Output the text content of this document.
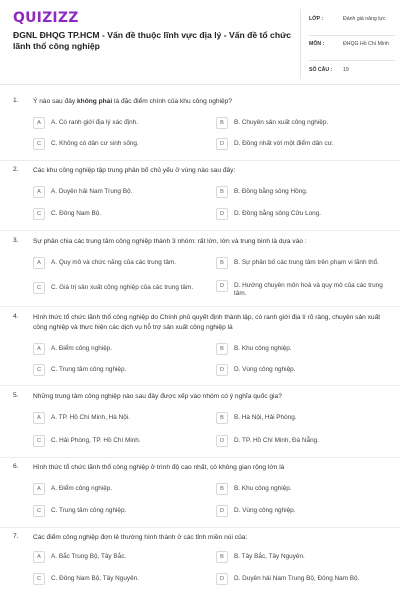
QUIZIZZ
ĐGNL ĐHQG TP.HCM - Vấn đề thuộc lĩnh vực địa lý - Vấn đề tổ chức lãnh thổ công nghiệp
LỚP :	Đánh giá năng lực
MÔN :	ĐHQG Hồ Chí Minh
SỐ CÂU : 19
1. Ý nào sau đây không phải là đặc điểm chính của khu công nghiệp?
A	A. Có ranh giới địa lý xác định.	B	B. Chuyên sản xuất công nghiệp.
C	C. Không có dân cư sinh sống.	D	D. Đồng nhất với một điểm dân cư.
2. Các khu công nghiệp tập trung phân bố chủ yếu ở vùng nào sau đây:
A	A. Duyên hải Nam Trung Bộ.	B	B. Đồng bằng sông Hồng.
C	C. Đông Nam Bộ.	D	D. Đồng bằng sông Cửu Long.
3. Sự phân chia các trung tâm công nghiệp thành 3 nhóm: rất lớn, lớn và trung bình là dựa vào :
A	A. Quy mô và chức năng của các trung tâm.	B	B. Sự phân bố các trung tâm trên phạm vi lãnh thổ.
C	C. Giá trị sản xuất công nghiệp của các trung tâm.	D	D. Hướng chuyên môn hoá và quy mô của các trung tâm.
4. Hình thức tổ chức lãnh thổ công nghiệp do Chính phủ quyết định thành lập, có ranh giới địa lí rõ ràng, chuyên sản xuất công nghiệp và thực hiện các dịch vụ hỗ trợ sản xuất công nghiệp là
A	A. Điểm công nghiệp.	B	B. Khu công nghiệp.
C	C. Trung tâm công nghiệp.	D	D. Vùng công nghiệp.
5. Những trung tâm công nghiệp nào sau đây được xếp vào nhóm có ý nghĩa quốc gia?
A	A. TP. Hồ Chí Minh, Hà Nội.	B	B. Hà Nội, Hải Phòng.
C	C. Hải Phòng, TP. Hồ Chí Minh.	D	D. TP. Hồ Chí Minh, Đà Nẵng.
6. Hình thức tổ chức lãnh thổ công nghiệp ở trình độ cao nhất, có không gian rộng lớn là
A	A. Điểm công nghiệp.	B	B. Khu công nghiệp.
C	C. Trung tâm công nghiệp.	D	D. Vùng công nghiệp.
7. Các điểm công nghiệp đơn lẻ thường hình thành ở các tỉnh miền núi của:
A	A. Bắc Trung Bộ, Tây Bắc.	B	B. Tây Bắc, Tây Nguyên.
C	C. Đông Nam Bộ, Tây Nguyên.	D	D. Duyên hải Nam Trung Bộ, Đông Nam Bộ.
